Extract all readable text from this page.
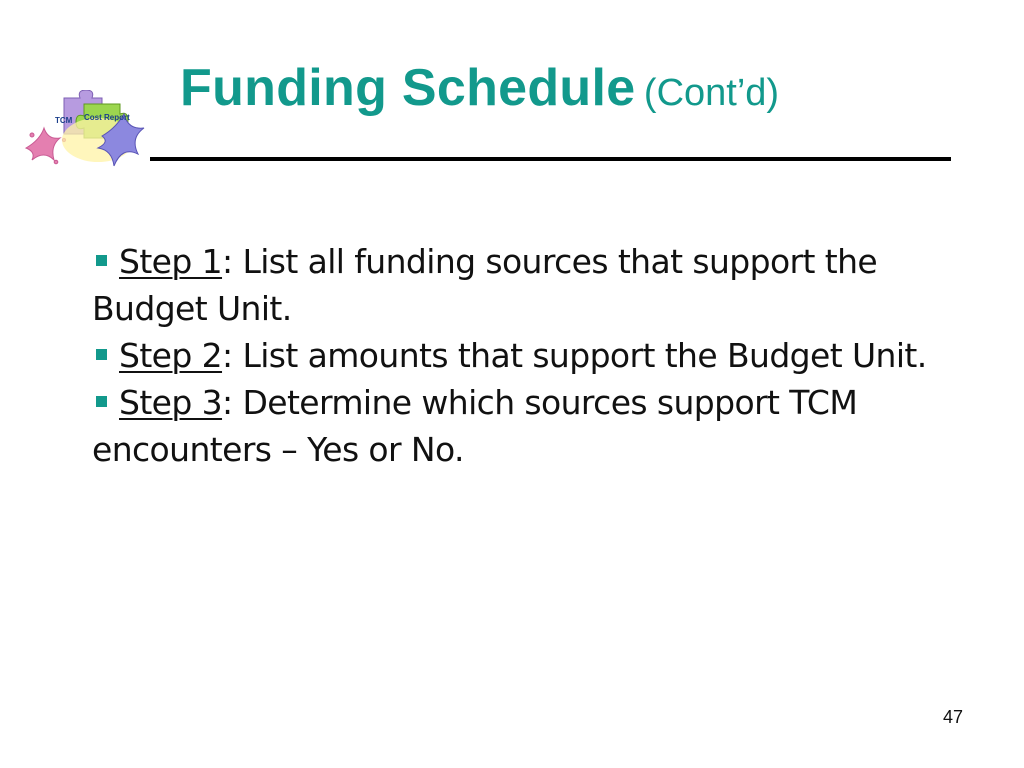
TCM Cost Report
Funding Schedule (Cont’d)

Step 1: List all funding sources that support the Budget Unit.

Step 2: List amounts that support the Budget Unit.

Step 3: Determine which sources support TCM encounters – Yes or No.

47
